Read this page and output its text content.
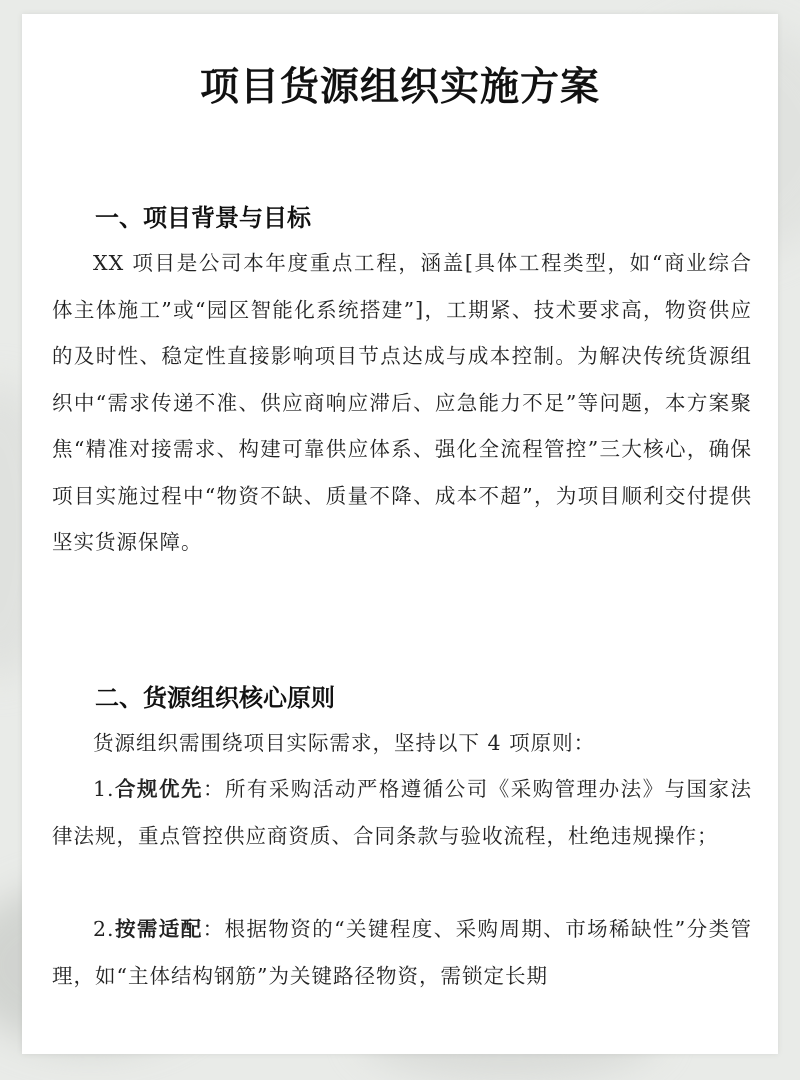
项目货源组织实施方案
一、项目背景与目标

XX 项目是公司本年度重点工程，涵盖[具体工程类型，如“商业综合体主体施工”或“园区智能化系统搭建”]，工期紧、技术要求高，物资供应的及时性、稳定性直接影响项目节点达成与成本控制。为解决传统货源组织中“需求传递不准、供应商响应滞后、应急能力不足”等问题，本方案聚焦“精准对接需求、构建可靠供应体系、强化全流程管控”三大核心，确保项目实施过程中“物资不缺、质量不降、成本不超”，为项目顺利交付提供坚实货源保障。

二、货源组织核心原则

货源组织需围绕项目实际需求，坚持以下 4 项原则：

1.合规优先：所有采购活动严格遵循公司《采购管理办法》与国家法律法规，重点管控供应商资质、合同条款与验收流程，杜绝违规操作；

2.按需适配：根据物资的“关键程度、采购周期、市场稀缺性”分类管理，如“主体结构钢筋”为关键路径物资，需锁定长期
